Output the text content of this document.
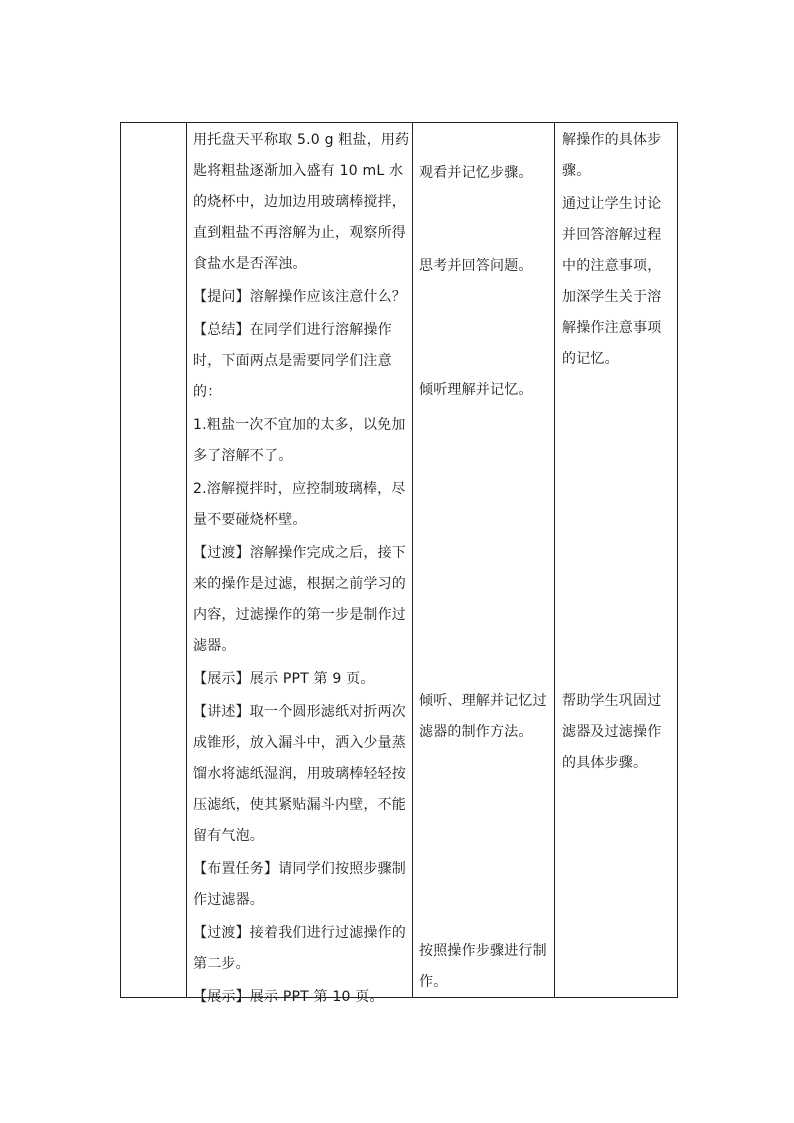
用托盘天平称取 5.0 g 粗盐，用药匙将粗盐逐渐加入盛有 10 mL 水的烧杯中，边加边用玻璃棒搅拌，直到粗盐不再溶解为止，观察所得食盐水是否浑浊。

【提问】溶解操作应该注意什么？

【总结】在同学们进行溶解操作时，下面两点是需要同学们注意的：

1.粗盐一次不宜加的太多，以免加多了溶解不了。

2.溶解搅拌时，应控制玻璃棒，尽量不要碰烧杯壁。

【过渡】溶解操作完成之后，接下来的操作是过滤，根据之前学习的内容，过滤操作的第一步是制作过滤器。

【展示】展示 PPT 第 9 页。

【讲述】取一个圆形滤纸对折两次成锥形，放入漏斗中，洒入少量蒸馏水将滤纸湿润，用玻璃棒轻轻按压滤纸，使其紧贴漏斗内壁，不能留有气泡。

【布置任务】请同学们按照步骤制作过滤器。

【过渡】接着我们进行过滤操作的第二步。

【展示】展示 PPT 第 10 页。

观看并记忆步骤。

思考并回答问题。

倾听理解并记忆。

倾听、理解并记忆过滤器的制作方法。

按照操作步骤进行制作。

解操作的具体步骤。

通过让学生讨论并回答溶解过程中的注意事项，加深学生关于溶解操作注意事项的记忆。

帮助学生巩固过滤器及过滤操作的具体步骤。
